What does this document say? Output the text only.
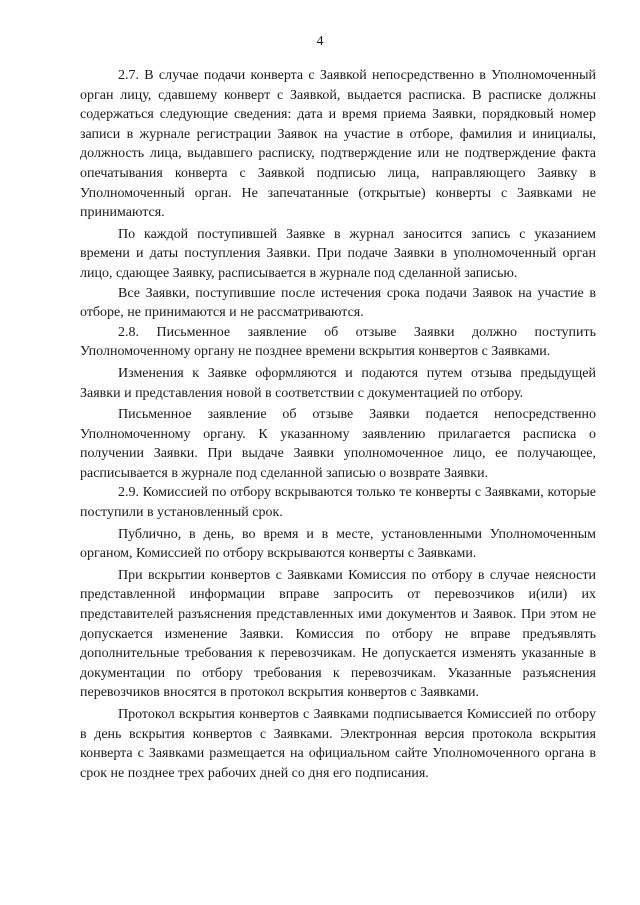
4

2.7. В случае подачи конверта с Заявкой непосредственно в Уполномоченный орган лицу, сдавшему конверт с Заявкой, выдается расписка. В расписке должны содержаться следующие сведения: дата и время приема Заявки, порядковый номер записи в журнале регистрации Заявок на участие в отборе, фамилия и инициалы, должность лица, выдавшего расписку, подтверждение или не подтверждение факта опечатывания конверта с Заявкой подписью лица, направляющего Заявку в Уполномоченный орган. Не запечатанные (открытые) конверты с Заявками не принимаются.

По каждой поступившей Заявке в журнал заносится запись с указанием времени и даты поступления Заявки. При подаче Заявки в уполномоченный орган лицо, сдающее Заявку, расписывается в журнале под сделанной записью.

Все Заявки, поступившие после истечения срока подачи Заявок на участие в отборе, не принимаются и не рассматриваются.

2.8. Письменное заявление об отзыве Заявки должно поступить Уполномоченному органу не позднее времени вскрытия конвертов с Заявками.

Изменения к Заявке оформляются и подаются путем отзыва предыдущей Заявки и представления новой в соответствии с документацией по отбору.

Письменное заявление об отзыве Заявки подается непосредственно Уполномоченному органу. К указанному заявлению прилагается расписка о получении Заявки. При выдаче Заявки уполномоченное лицо, ее получающее, расписывается в журнале под сделанной записью о возврате Заявки.

2.9. Комиссией по отбору вскрываются только те конверты с Заявками, которые поступили в установленный срок.

Публично, в день, во время и в месте, установленными Уполномоченным органом, Комиссией по отбору вскрываются конверты с Заявками.

При вскрытии конвертов с Заявками Комиссия по отбору в случае неясности представленной информации вправе запросить от перевозчиков и(или) их представителей разъяснения представленных ими документов и Заявок. При этом не допускается изменение Заявки. Комиссия по отбору не вправе предъявлять дополнительные требования к перевозчикам. Не допускается изменять указанные в документации по отбору требования к перевозчикам. Указанные разъяснения перевозчиков вносятся в протокол вскрытия конвертов с Заявками.

Протокол вскрытия конвертов с Заявками подписывается Комиссией по отбору в день вскрытия конвертов с Заявками. Электронная версия протокола вскрытия конверта с Заявками размещается на официальном сайте Уполномоченного органа в срок не позднее трех рабочих дней со дня его подписания.
